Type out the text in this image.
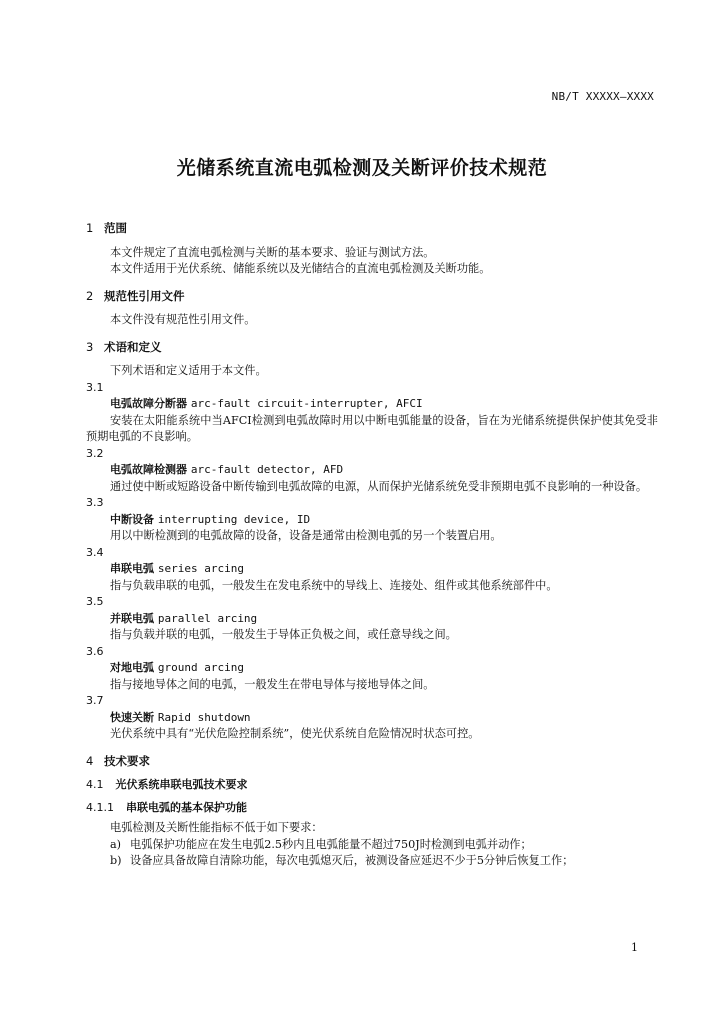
NB/T XXXXX—XXXX
光储系统直流电弧检测及关断评价技术规范
1 范围
本文件规定了直流电弧检测与关断的基本要求、验证与测试方法。
本文件适用于光伏系统、储能系统以及光储结合的直流电弧检测及关断功能。
2 规范性引用文件
本文件没有规范性引用文件。
3 术语和定义
下列术语和定义适用于本文件。
3.1
电弧故障分断器 arc-fault circuit-interrupter, AFCI
安装在太阳能系统中当AFCI检测到电弧故障时用以中断电弧能量的设备，旨在为光储系统提供保护使其免受非预期电弧的不良影响。
3.2
电弧故障检测器 arc-fault detector, AFD
通过使中断或短路设备中断传输到电弧故障的电源，从而保护光储系统免受非预期电弧不良影响的一种设备。
3.3
中断设备 interrupting device, ID
用以中断检测到的电弧故障的设备，设备是通常由检测电弧的另一个装置启用。
3.4
串联电弧 series arcing
指与负载串联的电弧，一般发生在发电系统中的导线上、连接处、组件或其他系统部件中。
3.5
并联电弧 parallel arcing
指与负载并联的电弧，一般发生于导体正负极之间，或任意导线之间。
3.6
对地电弧 ground arcing
指与接地导体之间的电弧，一般发生在带电导体与接地导体之间。
3.7
快速关断 Rapid shutdown
光伏系统中具有“光伏危险控制系统”，使光伏系统自危险情况时状态可控。
4 技术要求
4.1 光伏系统串联电弧技术要求
4.1.1 串联电弧的基本保护功能
电弧检测及关断性能指标不低于如下要求：
a) 电弧保护功能应在发生电弧2.5秒内且电弧能量不超过750J时检测到电弧并动作；
b) 设备应具备故障自清除功能，每次电弧熄灭后，被测设备应延迟不少于5分钟后恢复工作；
1
